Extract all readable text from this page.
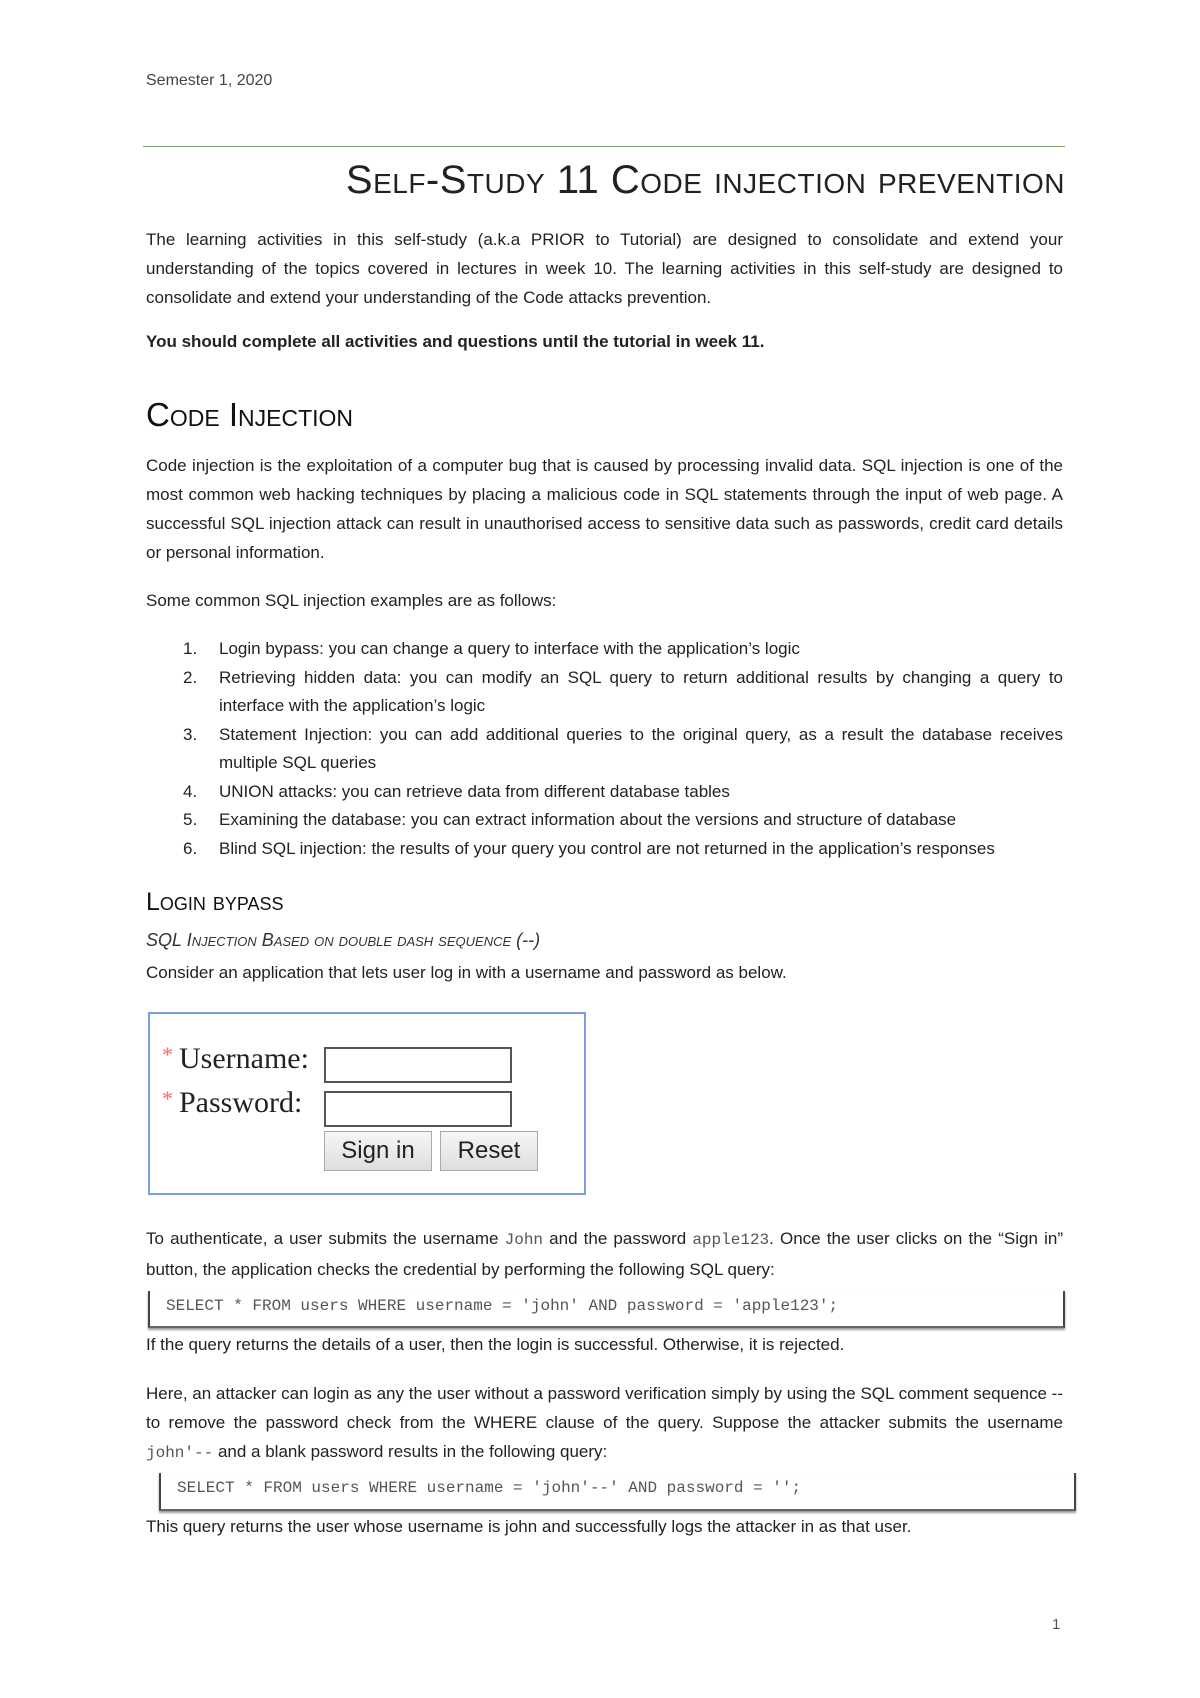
Semester 1, 2020
Self-Study 11 Code injection prevention
The learning activities in this self-study (a.k.a PRIOR to Tutorial) are designed to consolidate and extend your understanding of the topics covered in lectures in week 10. The learning activities in this self-study are designed to consolidate and extend your understanding of the Code attacks prevention.
You should complete all activities and questions until the tutorial in week 11.
Code Injection
Code injection is the exploitation of a computer bug that is caused by processing invalid data. SQL injection is one of the most common web hacking techniques by placing a malicious code in SQL statements through the input of web page. A successful SQL injection attack can result in unauthorised access to sensitive data such as passwords, credit card details or personal information.
Some common SQL injection examples are as follows:
1.	Login bypass: you can change a query to interface with the application’s logic
2.	Retrieving hidden data: you can modify an SQL query to return additional results by changing a query to interface with the application’s logic
3.	Statement Injection: you can add additional queries to the original query, as a result the database receives multiple SQL queries
4.	UNION attacks: you can retrieve data from different database tables
5.	Examining the database: you can extract information about the versions and structure of database
6.	Blind SQL injection: the results of your query you control are not returned in the application’s responses
Login bypass
SQL Injection Based on double dash sequence (--)
Consider an application that lets user log in with a username and password as below.
* Username:
* Password:
Sign in	Reset
To authenticate, a user submits the username John and the password apple123. Once the user clicks on the “Sign in” button, the application checks the credential by performing the following SQL query:
SELECT * FROM users WHERE username = 'john' AND password = 'apple123';
If the query returns the details of a user, then the login is successful. Otherwise, it is rejected.
Here, an attacker can login as any the user without a password verification simply by using the SQL comment sequence -- to remove the password check from the WHERE clause of the query. Suppose the attacker submits the username john'-- and a blank password results in the following query:
SELECT * FROM users WHERE username = 'john'--' AND password = '';
This query returns the user whose username is john and successfully logs the attacker in as that user.
1
